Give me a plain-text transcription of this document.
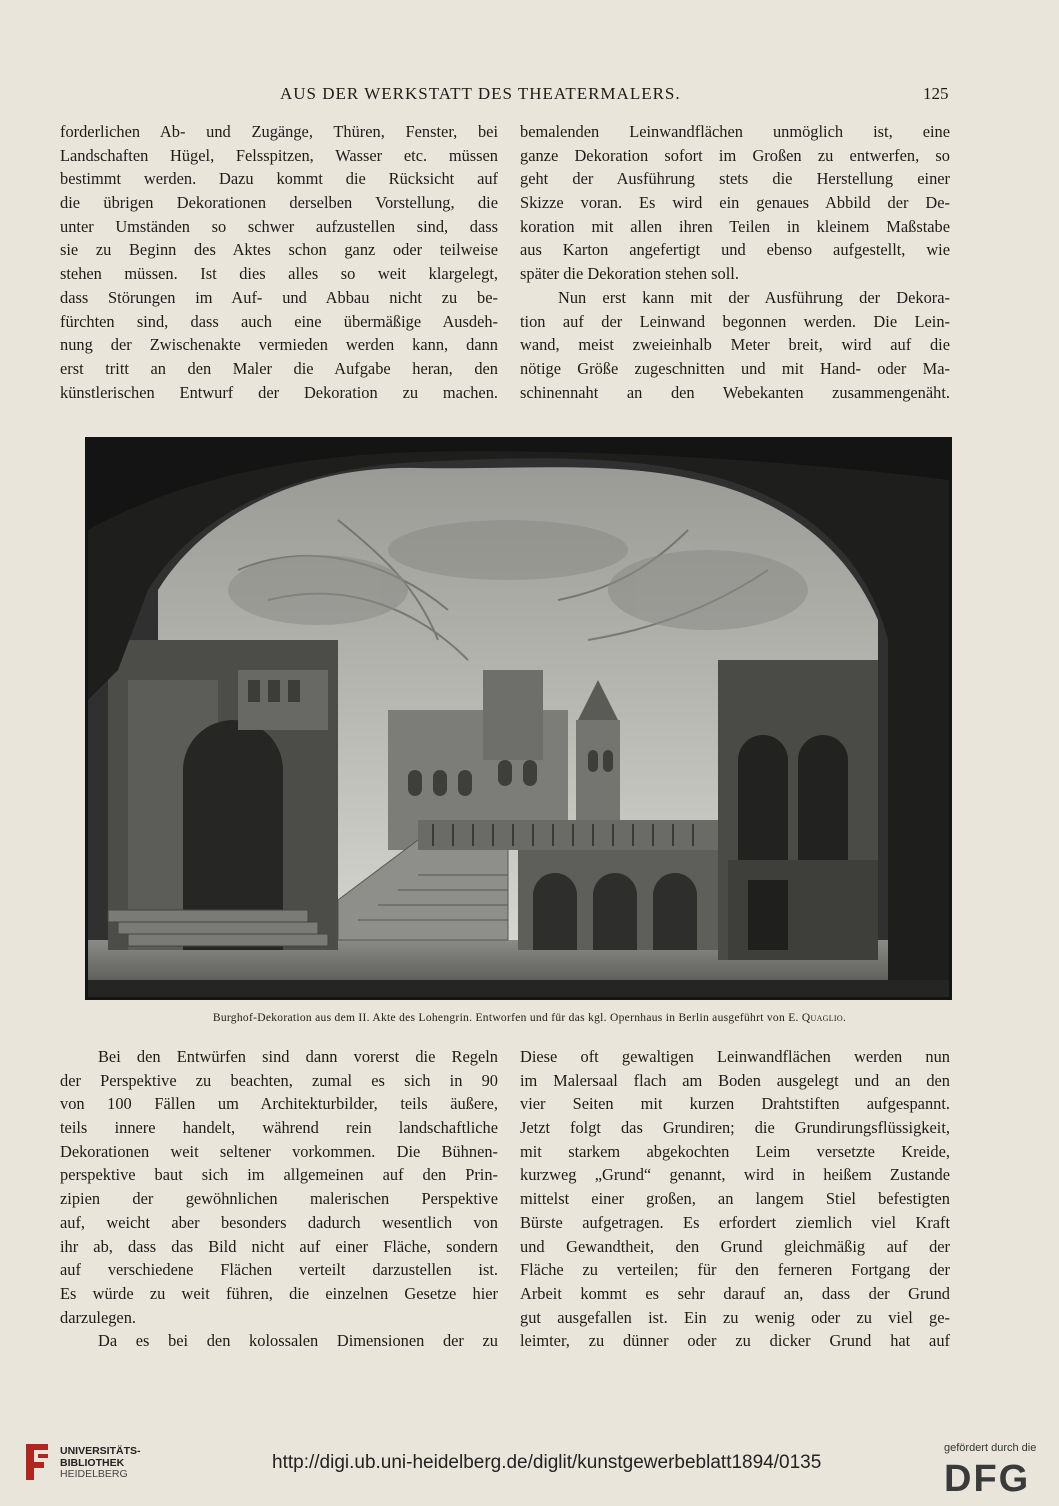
AUS DER WERKSTATT DES THEATERMALERS.	125
forderlichen Ab- und Zugänge, Thüren, Fenster, bei
Landschaften Hügel, Felsspitzen, Wasser etc. müssen
bestimmt werden. Dazu kommt die Rücksicht auf
die übrigen Dekorationen derselben Vorstellung, die
unter Umständen so schwer aufzustellen sind, dass
sie zu Beginn des Aktes schon ganz oder teilweise
stehen müssen. Ist dies alles so weit klargelegt,
dass Störungen im Auf- und Abbau nicht zu be-
fürchten sind, dass auch eine übermäßige Ausdeh-
nung der Zwischenakte vermieden werden kann, dann
erst tritt an den Maler die Aufgabe heran, den
künstlerischen Entwurf der Dekoration zu machen.
bemalenden Leinwandflächen unmöglich ist, eine
ganze Dekoration sofort im Großen zu entwerfen, so
geht der Ausführung stets die Herstellung einer
Skizze voran. Es wird ein genaues Abbild der De-
koration mit allen ihren Teilen in kleinem Maßstabe
aus Karton angefertigt und ebenso aufgestellt, wie
später die Dekoration stehen soll.
Nun erst kann mit der Ausführung der Dekora-
tion auf der Leinwand begonnen werden. Die Lein-
wand, meist zweieinhalb Meter breit, wird auf die
nötige Größe zugeschnitten und mit Hand- oder Ma-
schinennaht an den Webekanten zusammengenäht.
Burghof-Dekoration aus dem II. Akte des Lohengrin. Entworfen und für das kgl. Opernhaus in Berlin ausgeführt von E. Quaglio.
Bei den Entwürfen sind dann vorerst die Regeln
der Perspektive zu beachten, zumal es sich in 90
von 100 Fällen um Architekturbilder, teils äußere,
teils innere handelt, während rein landschaftliche
Dekorationen weit seltener vorkommen. Die Bühnen-
perspektive baut sich im allgemeinen auf den Prin-
zipien der gewöhnlichen malerischen Perspektive
auf, weicht aber besonders dadurch wesentlich von
ihr ab, dass das Bild nicht auf einer Fläche, sondern
auf verschiedene Flächen verteilt darzustellen ist.
Es würde zu weit führen, die einzelnen Gesetze hier
darzulegen.
Da es bei den kolossalen Dimensionen der zu
Diese oft gewaltigen Leinwandflächen werden nun
im Malersaal flach am Boden ausgelegt und an den
vier Seiten mit kurzen Drahtstiften aufgespannt.
Jetzt folgt das Grundiren; die Grundirungsflüssigkeit,
mit starkem abgekochten Leim versetzte Kreide,
kurzweg „Grund“ genannt, wird in heißem Zustande
mittelst einer großen, an langem Stiel befestigten
Bürste aufgetragen. Es erfordert ziemlich viel Kraft
und Gewandtheit, den Grund gleichmäßig auf der
Fläche zu verteilen; für den ferneren Fortgang der
Arbeit kommt es sehr darauf an, dass der Grund
gut ausgefallen ist. Ein zu wenig oder zu viel ge-
leimter, zu dünner oder zu dicker Grund hat auf
UNIVERSITÄTS-
BIBLIOTHEK
HEIDELBERG
http://digi.ub.uni-heidelberg.de/diglit/kunstgewerbeblatt1894/0135
gefördert durch die
DFG
